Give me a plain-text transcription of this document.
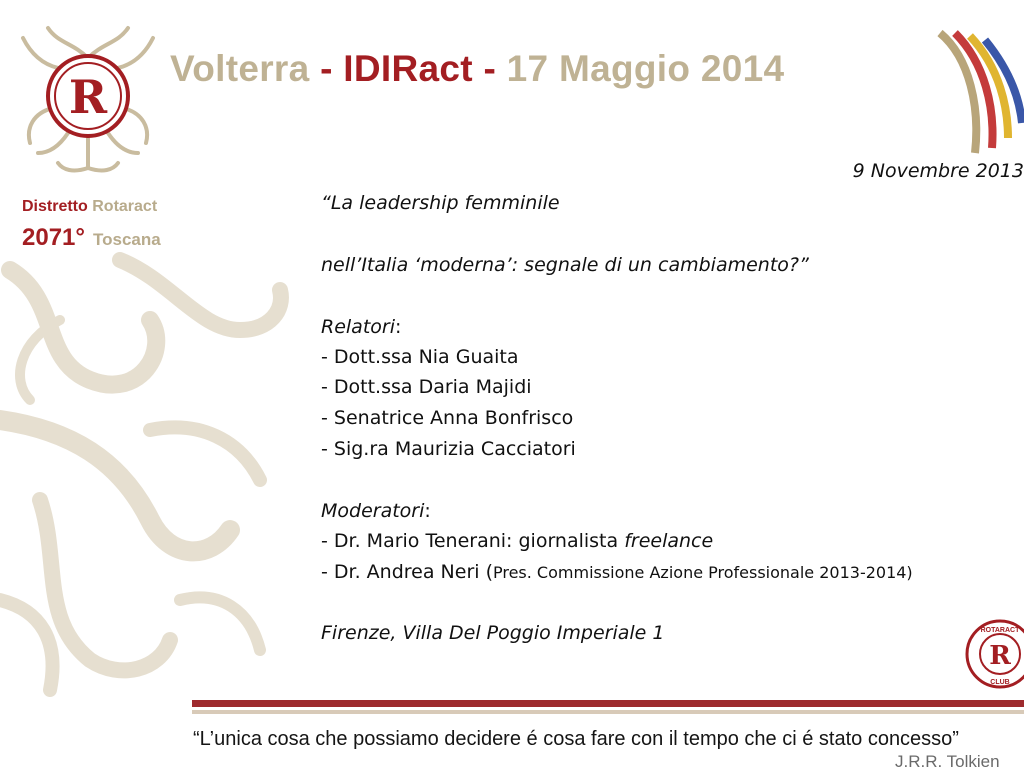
R
Volterra - IDIRact - 17 Maggio 2014
Distretto Rotaract
2071° Toscana
9 Novembre 2013
“La leadership femminile
nell’Italia ‘moderna’: segnale di un cambiamento?”
Relatori:
- Dott.ssa Nia Guaita
- Dott.ssa Daria Majidi
- Senatrice Anna Bonfrisco
- Sig.ra Maurizia Cacciatori
Moderatori:
- Dr. Mario Tenerani: giornalista freelance
- Dr. Andrea Neri (Pres. Commissione Azione Professionale 2013-2014)
Firenze, Villa Del Poggio Imperiale 1	ROTARACT
R
CLUB
“L’unica cosa che possiamo decidere é cosa fare con il tempo che ci é stato concesso”
J.R.R. Tolkien
